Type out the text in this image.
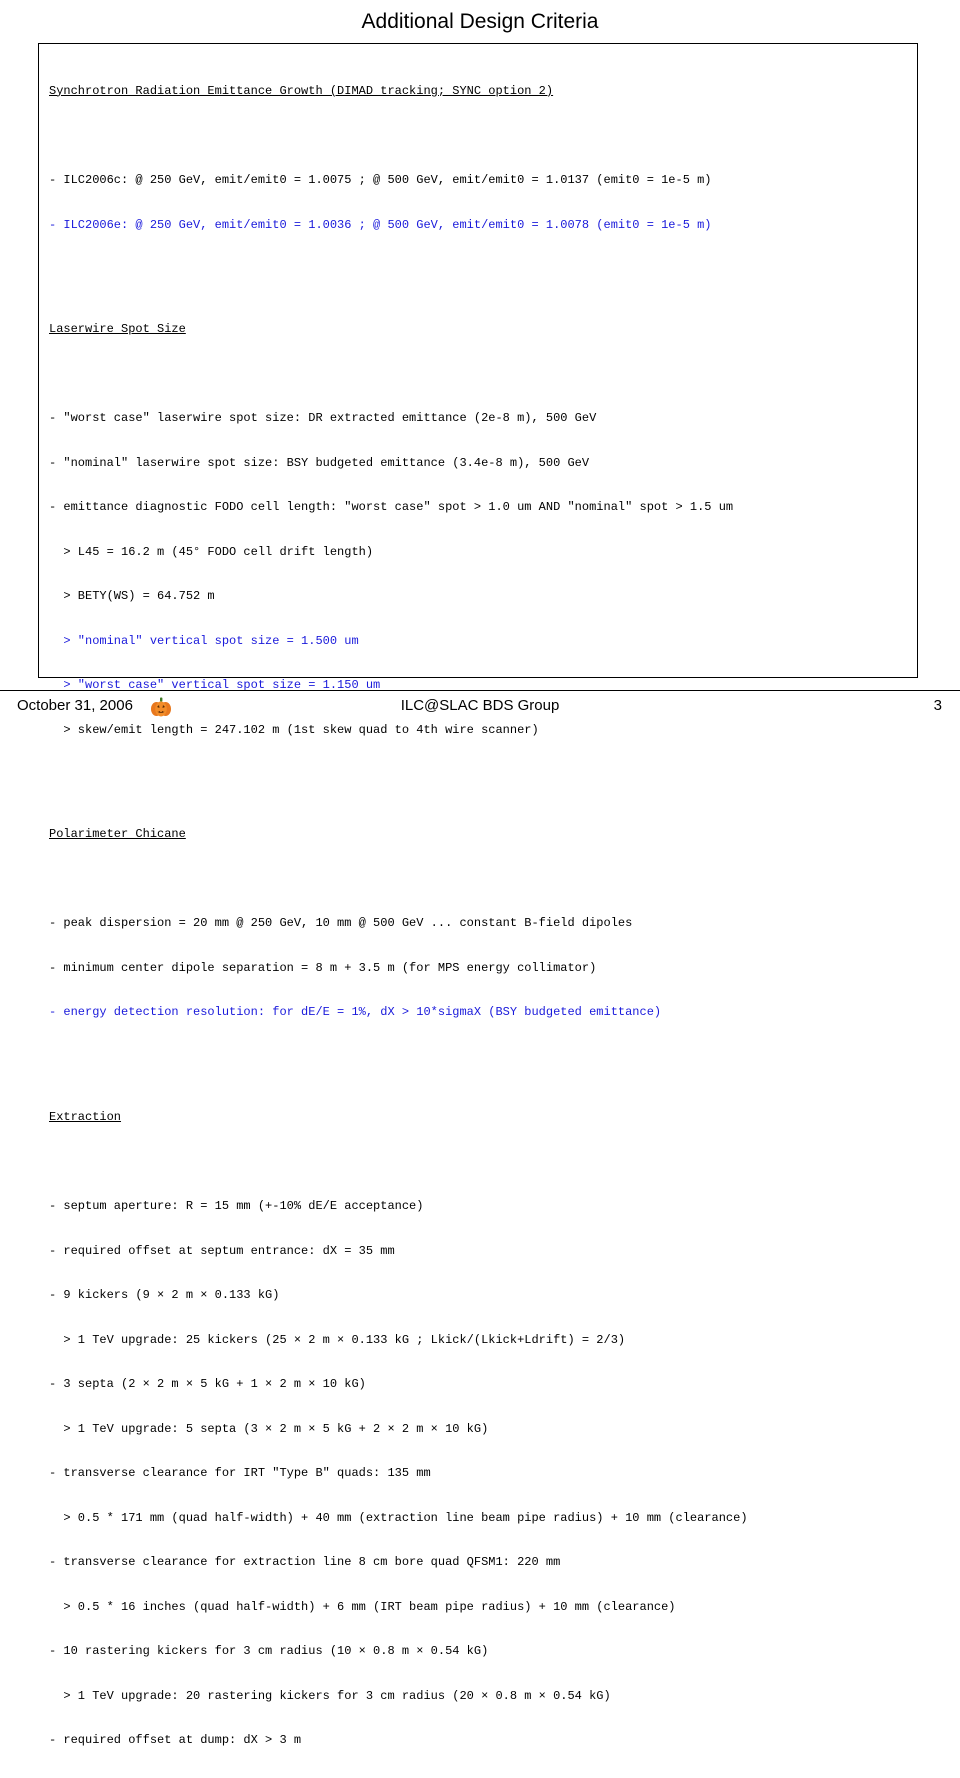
Additional Design Criteria

Synchrotron Radiation Emittance Growth (DIMAD tracking; SYNC option 2)

- ILC2006c: @ 250 GeV, emit/emit0 = 1.0075 ; @ 500 GeV, emit/emit0 = 1.0137 (emit0 = 1e-5 m)

- ILC2006e: @ 250 GeV, emit/emit0 = 1.0036 ; @ 500 GeV, emit/emit0 = 1.0078 (emit0 = 1e-5 m)

Laserwire Spot Size

- "worst case" laserwire spot size: DR extracted emittance (2e-8 m), 500 GeV

- "nominal" laserwire spot size: BSY budgeted emittance (3.4e-8 m), 500 GeV

- emittance diagnostic FODO cell length: "worst case" spot > 1.0 um AND "nominal" spot > 1.5 um

> L45 = 16.2 m (45° FODO cell drift length)

> BETY(WS) = 64.752 m

> "nominal" vertical spot size = 1.500 um

> "worst case" vertical spot size = 1.150 um

> skew/emit length = 247.102 m (1st skew quad to 4th wire scanner)

Polarimeter Chicane

- peak dispersion = 20 mm @ 250 GeV, 10 mm @ 500 GeV ... constant B-field dipoles

- minimum center dipole separation = 8 m + 3.5 m (for MPS energy collimator)

- energy detection resolution: for dE/E = 1%, dX > 10*sigmaX (BSY budgeted emittance)

Extraction

- septum aperture: R = 15 mm (+-10% dE/E acceptance)

- required offset at septum entrance: dX = 35 mm

- 9 kickers (9 × 2 m × 0.133 kG)

> 1 TeV upgrade: 25 kickers (25 × 2 m × 0.133 kG ; Lkick/(Lkick+Ldrift) = 2/3)

- 3 septa (2 × 2 m × 5 kG + 1 × 2 m × 10 kG)

> 1 TeV upgrade: 5 septa (3 × 2 m × 5 kG + 2 × 2 m × 10 kG)

- transverse clearance for IRT "Type B" quads: 135 mm

> 0.5 * 171 mm (quad half-width) + 40 mm (extraction line beam pipe radius) + 10 mm (clearance)

- transverse clearance for extraction line 8 cm bore quad QFSM1: 220 mm

> 0.5 * 16 inches (quad half-width) + 6 mm (IRT beam pipe radius) + 10 mm (clearance)

- 10 rastering kickers for 3 cm radius (10 × 0.8 m × 0.54 kG)

> 1 TeV upgrade: 20 rastering kickers for 3 cm radius (20 × 0.8 m × 0.54 kG)

- required offset at dump: dX > 3 m

October 31, 2006	ILC@SLAC BDS Group	3
